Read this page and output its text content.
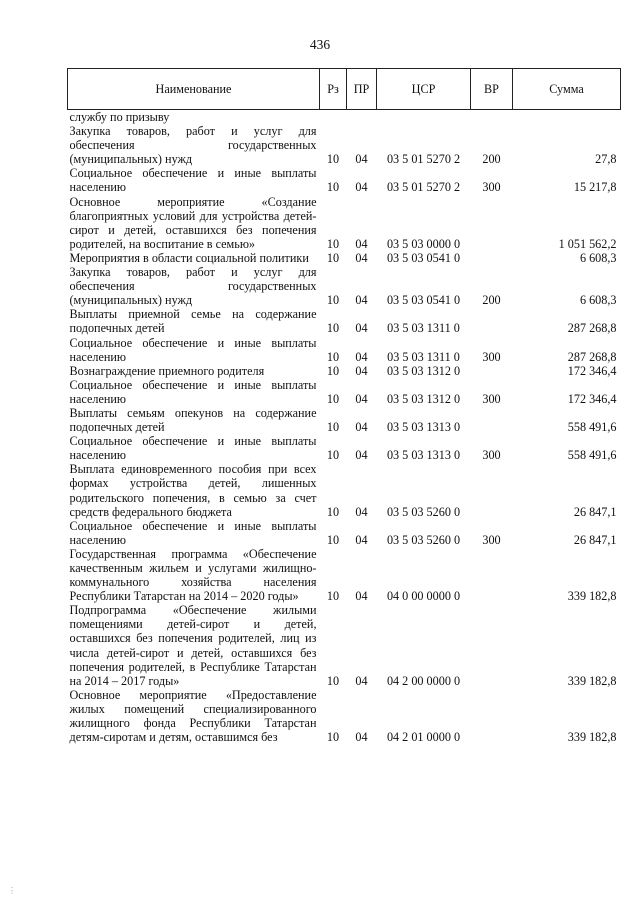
436
Наименование	Рз	ПР	ЦСР	ВР	Сумма
службу по призыву					
Закупка товаров, работ и услуг для обеспечения государственных (муниципальных) нужд	10	04	03 5 01 5270 2	200	27,8
Социальное обеспечение и иные выплаты населению	10	04	03 5 01 5270 2	300	15 217,8
Основное мероприятие «Создание благоприятных условий для устройства детей-сирот и детей, оставшихся без попечения родителей, на воспитание в семью»	10	04	03 5 03 0000 0		1 051 562,2
Мероприятия в области социальной политики	10	04	03 5 03 0541 0		6 608,3
Закупка товаров, работ и услуг для обеспечения государственных (муниципальных) нужд	10	04	03 5 03 0541 0	200	6 608,3
Выплаты приемной семье на содержание подопечных детей	10	04	03 5 03 1311 0		287 268,8
Социальное обеспечение и иные выплаты населению	10	04	03 5 03 1311 0	300	287 268,8
Вознаграждение приемного родителя	10	04	03 5 03 1312 0		172 346,4
Социальное обеспечение и иные выплаты населению	10	04	03 5 03 1312 0	300	172 346,4
Выплаты семьям опекунов на содержание подопечных детей	10	04	03 5 03 1313 0		558 491,6
Социальное обеспечение и иные выплаты населению	10	04	03 5 03 1313 0	300	558 491,6
Выплата единовременного пособия при всех формах устройства детей, лишенных родительского попечения, в семью за счет средств федерального бюджета	10	04	03 5 03 5260 0		26 847,1
Социальное обеспечение и иные выплаты населению	10	04	03 5 03 5260 0	300	26 847,1
Государственная программа «Обеспечение качественным жильем и услугами жилищно-коммунального хозяйства населения Республики Татарстан на 2014 – 2020 годы»	10	04	04 0 00 0000 0		339 182,8
Подпрограмма «Обеспечение жилыми помещениями детей-сирот и детей, оставшихся без попечения родителей, лиц из числа детей-сирот и детей, оставшихся без попечения родителей, в Республике Татарстан на 2014 – 2017 годы»	10	04	04 2 00 0000 0		339 182,8
Основное мероприятие «Предоставление жилых помещений специализированного жилищного фонда Республики Татарстан детям-сиротам и детям, оставшимся без	10	04	04 2 01 0000 0		339 182,8
⋮
